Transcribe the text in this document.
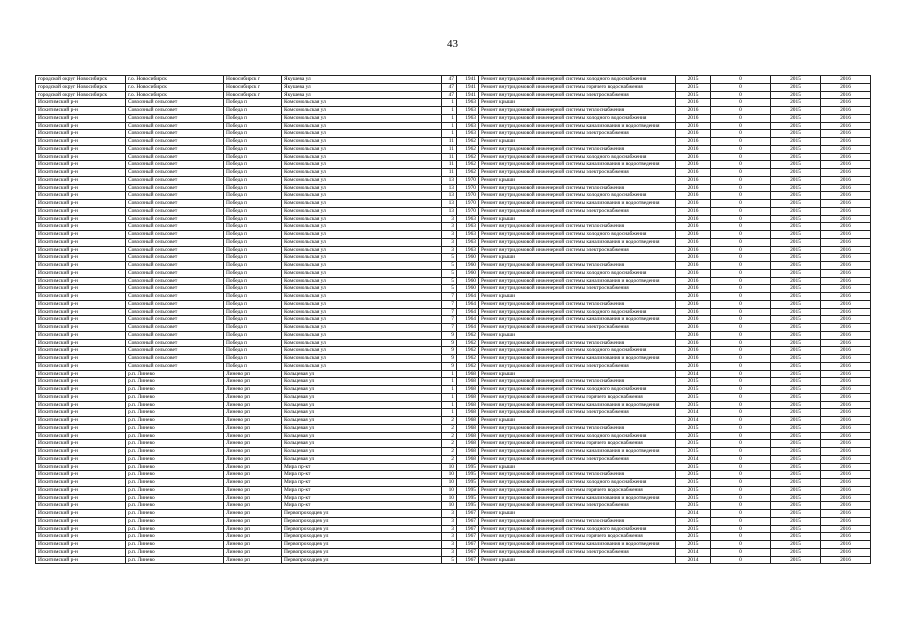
43
городской округ Новосибирск	г.о. Новосибирск	Новосибирск г	Якушева ул	47	1941	Ремонт внутридомовой инженерной системы холодного водоснабжения	2015	0	2015	2016
городской округ Новосибирск	г.о. Новосибирск	Новосибирск г	Якушева ул	47	1941	Ремонт внутридомовой инженерной системы горячего водоснабжения	2015	0	2015	2016
городской округ Новосибирск	г.о. Новосибирск	Новосибирск г	Якушева ул	47	1941	Ремонт внутридомовой инженерной системы электроснабжения	2015	0	2015	2016
Искитимский р-н	Совхозный сельсовет	Победа п	Комсомольская ул	1	1963	Ремонт крыши	2016	0	2015	2016
Искитимский р-н	Совхозный сельсовет	Победа п	Комсомольская ул	1	1963	Ремонт внутридомовой инженерной системы теплоснабжения	2016	0	2015	2016
Искитимский р-н	Совхозный сельсовет	Победа п	Комсомольская ул	1	1963	Ремонт внутридомовой инженерной системы холодного водоснабжения	2016	0	2015	2016
Искитимский р-н	Совхозный сельсовет	Победа п	Комсомольская ул	1	1963	Ремонт внутридомовой инженерной системы канализования и водоотведения	2016	0	2015	2016
Искитимский р-н	Совхозный сельсовет	Победа п	Комсомольская ул	1	1963	Ремонт внутридомовой инженерной системы электроснабжения	2016	0	2015	2016
Искитимский р-н	Совхозный сельсовет	Победа п	Комсомольская ул	11	1962	Ремонт крыши	2016	0	2015	2016
Искитимский р-н	Совхозный сельсовет	Победа п	Комсомольская ул	11	1962	Ремонт внутридомовой инженерной системы теплоснабжения	2016	0	2015	2016
Искитимский р-н	Совхозный сельсовет	Победа п	Комсомольская ул	11	1962	Ремонт внутридомовой инженерной системы холодного водоснабжения	2016	0	2015	2016
Искитимский р-н	Совхозный сельсовет	Победа п	Комсомольская ул	11	1962	Ремонт внутридомовой инженерной системы канализования и водоотведения	2016	0	2015	2016
Искитимский р-н	Совхозный сельсовет	Победа п	Комсомольская ул	11	1962	Ремонт внутридомовой инженерной системы электроснабжения	2016	0	2015	2016
Искитимский р-н	Совхозный сельсовет	Победа п	Комсомольская ул	13	1970	Ремонт крыши	2016	0	2015	2016
Искитимский р-н	Совхозный сельсовет	Победа п	Комсомольская ул	13	1970	Ремонт внутридомовой инженерной системы теплоснабжения	2016	0	2015	2016
Искитимский р-н	Совхозный сельсовет	Победа п	Комсомольская ул	13	1970	Ремонт внутридомовой инженерной системы холодного водоснабжения	2016	0	2015	2016
Искитимский р-н	Совхозный сельсовет	Победа п	Комсомольская ул	13	1970	Ремонт внутридомовой инженерной системы канализования и водоотведения	2016	0	2015	2016
Искитимский р-н	Совхозный сельсовет	Победа п	Комсомольская ул	13	1970	Ремонт внутридомовой инженерной системы электроснабжения	2016	0	2015	2016
Искитимский р-н	Совхозный сельсовет	Победа п	Комсомольская ул	3	1963	Ремонт крыши	2016	0	2015	2016
Искитимский р-н	Совхозный сельсовет	Победа п	Комсомольская ул	3	1963	Ремонт внутридомовой инженерной системы теплоснабжения	2016	0	2015	2016
Искитимский р-н	Совхозный сельсовет	Победа п	Комсомольская ул	3	1963	Ремонт внутридомовой инженерной системы холодного водоснабжения	2016	0	2015	2016
Искитимский р-н	Совхозный сельсовет	Победа п	Комсомольская ул	3	1963	Ремонт внутридомовой инженерной системы канализования и водоотведения	2016	0	2015	2016
Искитимский р-н	Совхозный сельсовет	Победа п	Комсомольская ул	3	1963	Ремонт внутридомовой инженерной системы электроснабжения	2016	0	2015	2016
Искитимский р-н	Совхозный сельсовет	Победа п	Комсомольская ул	5	1960	Ремонт крыши	2016	0	2015	2016
Искитимский р-н	Совхозный сельсовет	Победа п	Комсомольская ул	5	1960	Ремонт внутридомовой инженерной системы теплоснабжения	2016	0	2015	2016
Искитимский р-н	Совхозный сельсовет	Победа п	Комсомольская ул	5	1960	Ремонт внутридомовой инженерной системы холодного водоснабжения	2016	0	2015	2016
Искитимский р-н	Совхозный сельсовет	Победа п	Комсомольская ул	5	1960	Ремонт внутридомовой инженерной системы канализования и водоотведения	2016	0	2015	2016
Искитимский р-н	Совхозный сельсовет	Победа п	Комсомольская ул	5	1960	Ремонт внутридомовой инженерной системы электроснабжения	2016	0	2015	2016
Искитимский р-н	Совхозный сельсовет	Победа п	Комсомольская ул	7	1964	Ремонт крыши	2016	0	2015	2016
Искитимский р-н	Совхозный сельсовет	Победа п	Комсомольская ул	7	1964	Ремонт внутридомовой инженерной системы теплоснабжения	2016	0	2015	2016
Искитимский р-н	Совхозный сельсовет	Победа п	Комсомольская ул	7	1964	Ремонт внутридомовой инженерной системы холодного водоснабжения	2016	0	2015	2016
Искитимский р-н	Совхозный сельсовет	Победа п	Комсомольская ул	7	1964	Ремонт внутридомовой инженерной системы канализования и водоотведения	2016	0	2015	2016
Искитимский р-н	Совхозный сельсовет	Победа п	Комсомольская ул	7	1964	Ремонт внутридомовой инженерной системы электроснабжения	2016	0	2015	2016
Искитимский р-н	Совхозный сельсовет	Победа п	Комсомольская ул	9	1962	Ремонт крыши	2016	0	2015	2016
Искитимский р-н	Совхозный сельсовет	Победа п	Комсомольская ул	9	1962	Ремонт внутридомовой инженерной системы теплоснабжения	2016	0	2015	2016
Искитимский р-н	Совхозный сельсовет	Победа п	Комсомольская ул	9	1962	Ремонт внутридомовой инженерной системы холодного водоснабжения	2016	0	2015	2016
Искитимский р-н	Совхозный сельсовет	Победа п	Комсомольская ул	9	1962	Ремонт внутридомовой инженерной системы канализования и водоотведения	2016	0	2015	2016
Искитимский р-н	Совхозный сельсовет	Победа п	Комсомольская ул	9	1962	Ремонт внутридомовой инженерной системы электроснабжения	2016	0	2015	2016
Искитимский р-н	р.п. Линево	Линево рп	Кольцевая ул	1	1968	Ремонт крыши	2014	0	2015	2016
Искитимский р-н	р.п. Линево	Линево рп	Кольцевая ул	1	1968	Ремонт внутридомовой инженерной системы теплоснабжения	2015	0	2015	2016
Искитимский р-н	р.п. Линево	Линево рп	Кольцевая ул	1	1968	Ремонт внутридомовой инженерной системы холодного водоснабжения	2015	0	2015	2016
Искитимский р-н	р.п. Линево	Линево рп	Кольцевая ул	1	1968	Ремонт внутридомовой инженерной системы горячего водоснабжения	2015	0	2015	2016
Искитимский р-н	р.п. Линево	Линево рп	Кольцевая ул	1	1968	Ремонт внутридомовой инженерной системы канализования и водоотведения	2015	0	2015	2016
Искитимский р-н	р.п. Линево	Линево рп	Кольцевая ул	1	1968	Ремонт внутридомовой инженерной системы электроснабжения	2014	0	2015	2016
Искитимский р-н	р.п. Линево	Линево рп	Кольцевая ул	2	1968	Ремонт крыши	2014	0	2015	2016
Искитимский р-н	р.п. Линево	Линево рп	Кольцевая ул	2	1968	Ремонт внутридомовой инженерной системы теплоснабжения	2015	0	2015	2016
Искитимский р-н	р.п. Линево	Линево рп	Кольцевая ул	2	1968	Ремонт внутридомовой инженерной системы холодного водоснабжения	2015	0	2015	2016
Искитимский р-н	р.п. Линево	Линево рп	Кольцевая ул	2	1968	Ремонт внутридомовой инженерной системы горячего водоснабжения	2015	0	2015	2016
Искитимский р-н	р.п. Линево	Линево рп	Кольцевая ул	2	1968	Ремонт внутридомовой инженерной системы канализования и водоотведения	2015	0	2015	2016
Искитимский р-н	р.п. Линево	Линево рп	Кольцевая ул	2	1968	Ремонт внутридомовой инженерной системы электроснабжения	2014	0	2015	2016
Искитимский р-н	р.п. Линево	Линево рп	Мира пр-кт	10	1995	Ремонт крыши	2015	0	2015	2016
Искитимский р-н	р.п. Линево	Линево рп	Мира пр-кт	10	1995	Ремонт внутридомовой инженерной системы теплоснабжения	2015	0	2015	2016
Искитимский р-н	р.п. Линево	Линево рп	Мира пр-кт	10	1995	Ремонт внутридомовой инженерной системы холодного водоснабжения	2015	0	2015	2016
Искитимский р-н	р.п. Линево	Линево рп	Мира пр-кт	10	1995	Ремонт внутридомовой инженерной системы горячего водоснабжения	2015	0	2015	2016
Искитимский р-н	р.п. Линево	Линево рп	Мира пр-кт	10	1995	Ремонт внутридомовой инженерной системы канализования и водоотведения	2015	0	2015	2016
Искитимский р-н	р.п. Линево	Линево рп	Мира пр-кт	10	1995	Ремонт внутридомовой инженерной системы электроснабжения	2015	0	2015	2016
Искитимский р-н	р.п. Линево	Линево рп	Первопроходцев ул	3	1967	Ремонт крыши	2014	0	2015	2016
Искитимский р-н	р.п. Линево	Линево рп	Первопроходцев ул	3	1967	Ремонт внутридомовой инженерной системы теплоснабжения	2015	0	2015	2016
Искитимский р-н	р.п. Линево	Линево рп	Первопроходцев ул	3	1967	Ремонт внутридомовой инженерной системы холодного водоснабжения	2015	0	2015	2016
Искитимский р-н	р.п. Линево	Линево рп	Первопроходцев ул	3	1967	Ремонт внутридомовой инженерной системы горячего водоснабжения	2015	0	2015	2016
Искитимский р-н	р.п. Линево	Линево рп	Первопроходцев ул	3	1967	Ремонт внутридомовой инженерной системы канализования и водоотведения	2015	0	2015	2016
Искитимский р-н	р.п. Линево	Линево рп	Первопроходцев ул	3	1967	Ремонт внутридомовой инженерной системы электроснабжения	2014	0	2015	2016
Искитимский р-н	р.п. Линево	Линево рп	Первопроходцев ул	5	1967	Ремонт крыши	2014	0	2015	2016
